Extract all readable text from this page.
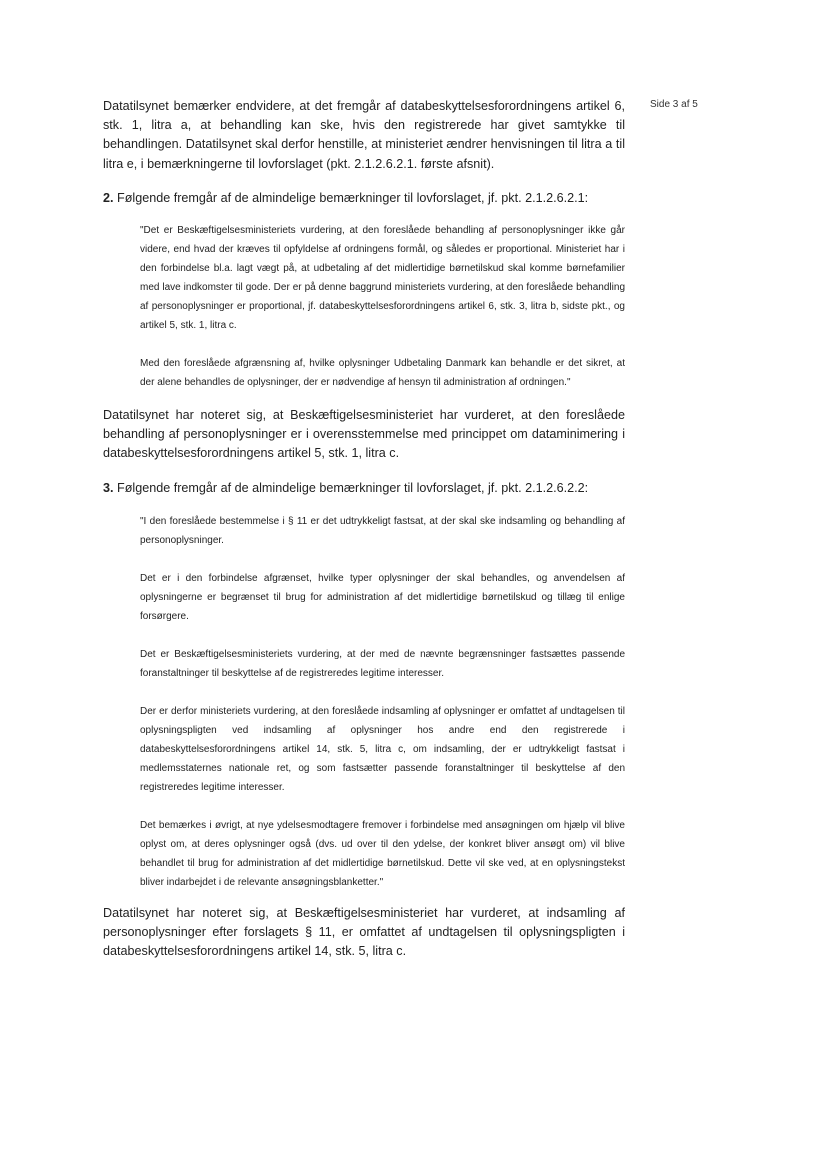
Side 3 af 5

Datatilsynet bemærker endvidere, at det fremgår af databeskyttelsesforordningens artikel 6, stk. 1, litra a, at behandling kan ske, hvis den registrerede har givet samtykke til behandlingen. Datatilsynet skal derfor henstille, at ministeriet ændrer henvisningen til litra a til litra e, i bemærkningerne til lovforslaget (pkt. 2.1.2.6.2.1. første afsnit).

2. Følgende fremgår af de almindelige bemærkninger til lovforslaget, jf. pkt. 2.1.2.6.2.1:

"Det er Beskæftigelsesministeriets vurdering, at den foreslåede behandling af personoplysninger ikke går videre, end hvad der kræves til opfyldelse af ordningens formål, og således er proportional. Ministeriet har i den forbindelse bl.a. lagt vægt på, at udbetaling af det midlertidige børnetilskud skal komme børnefamilier med lave indkomster til gode. Der er på denne baggrund ministeriets vurdering, at den foreslåede behandling af personoplysninger er proportional, jf. databeskyttelsesforordningens artikel 6, stk. 3, litra b, sidste pkt., og artikel 5, stk. 1, litra c.

Med den foreslåede afgrænsning af, hvilke oplysninger Udbetaling Danmark kan behandle er det sikret, at der alene behandles de oplysninger, der er nødvendige af hensyn til administration af ordningen."

Datatilsynet har noteret sig, at Beskæftigelsesministeriet har vurderet, at den foreslåede behandling af personoplysninger er i overensstemmelse med princippet om dataminimering i databeskyttelsesforordningens artikel 5, stk. 1, litra c.

3. Følgende fremgår af de almindelige bemærkninger til lovforslaget, jf. pkt. 2.1.2.6.2.2:

"I den foreslåede bestemmelse i § 11 er det udtrykkeligt fastsat, at der skal ske indsamling og behandling af personoplysninger.

Det er i den forbindelse afgrænset, hvilke typer oplysninger der skal behandles, og anvendelsen af oplysningerne er begrænset til brug for administration af det midlertidige børnetilskud og tillæg til enlige forsørgere.

Det er Beskæftigelsesministeriets vurdering, at der med de nævnte begrænsninger fastsættes passende foranstaltninger til beskyttelse af de registreredes legitime interesser.

Der er derfor ministeriets vurdering, at den foreslåede indsamling af oplysninger er omfattet af undtagelsen til oplysningspligten ved indsamling af oplysninger hos andre end den registrerede i databeskyttelsesforordningens artikel 14, stk. 5, litra c, om indsamling, der er udtrykkeligt fastsat i medlemsstaternes nationale ret, og som fastsætter passende foranstaltninger til beskyttelse af den registreredes legitime interesser.

Det bemærkes i øvrigt, at nye ydelsesmodtagere fremover i forbindelse med ansøgningen om hjælp vil blive oplyst om, at deres oplysninger også (dvs. ud over til den ydelse, der konkret bliver ansøgt om) vil blive behandlet til brug for administration af det midlertidige børnetilskud. Dette vil ske ved, at en oplysningstekst bliver indarbejdet i de relevante ansøgningsblanketter."

Datatilsynet har noteret sig, at Beskæftigelsesministeriet har vurderet, at indsamling af personoplysninger efter forslagets § 11, er omfattet af undtagelsen til oplysningspligten i databeskyttelsesforordningens artikel 14, stk. 5, litra c.
